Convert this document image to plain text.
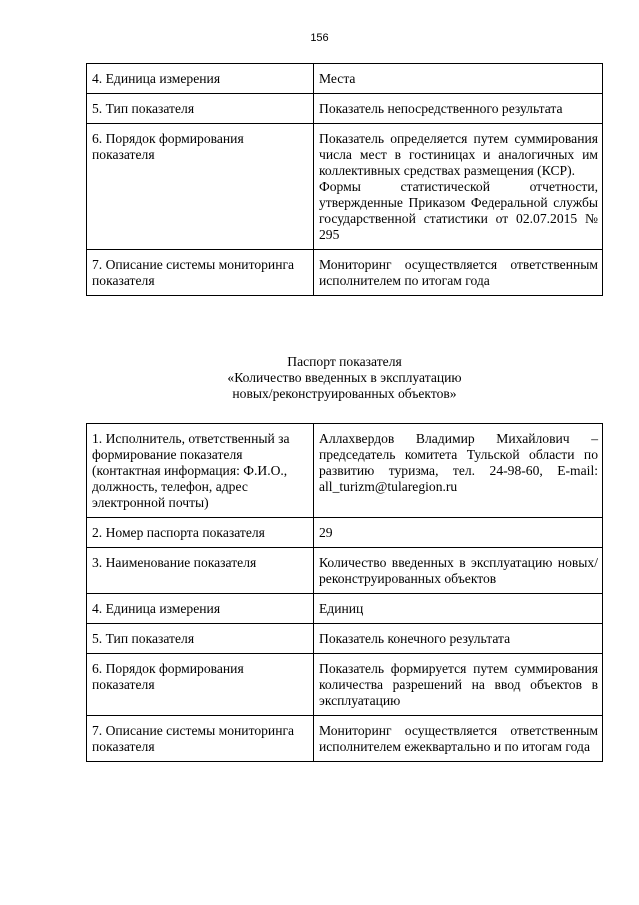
156
4. Единица измерения	Места

5. Тип показателя	Показатель непосредственного результата

6. Порядок формирования показателя	Показатель определяется путем суммирования числа мест в гостиницах и аналогичных им коллективных средствах размещения (КСР).
Формы статистической отчетности, утвержденные Приказом Федеральной службы государственной статистики от 02.07.2015 № 295

7. Описание системы мониторинга показателя	Мониторинг осуществляется ответственным исполнителем по итогам года
Паспорт показателя
«Количество введенных в эксплуатацию
новых/реконструированных объектов»
1. Исполнитель, ответственный за формирование показателя (контактная информация: Ф.И.О., должность, телефон, адрес электронной почты)	Аллахвердов Владимир Михайлович – председатель комитета Тульской области по развитию туризма, тел. 24-98-60, E-mail: all_turizm@tularegion.ru

2. Номер паспорта показателя	29

3. Наименование показателя	Количество введенных в эксплуатацию новых/реконструированных объектов

4. Единица измерения	Единиц

5. Тип показателя	Показатель конечного результата

6. Порядок формирования показателя	Показатель формируется путем суммирования количества разрешений на ввод объектов в эксплуатацию

7. Описание системы мониторинга показателя	Мониторинг осуществляется ответственным исполнителем ежеквартально и по итогам года
